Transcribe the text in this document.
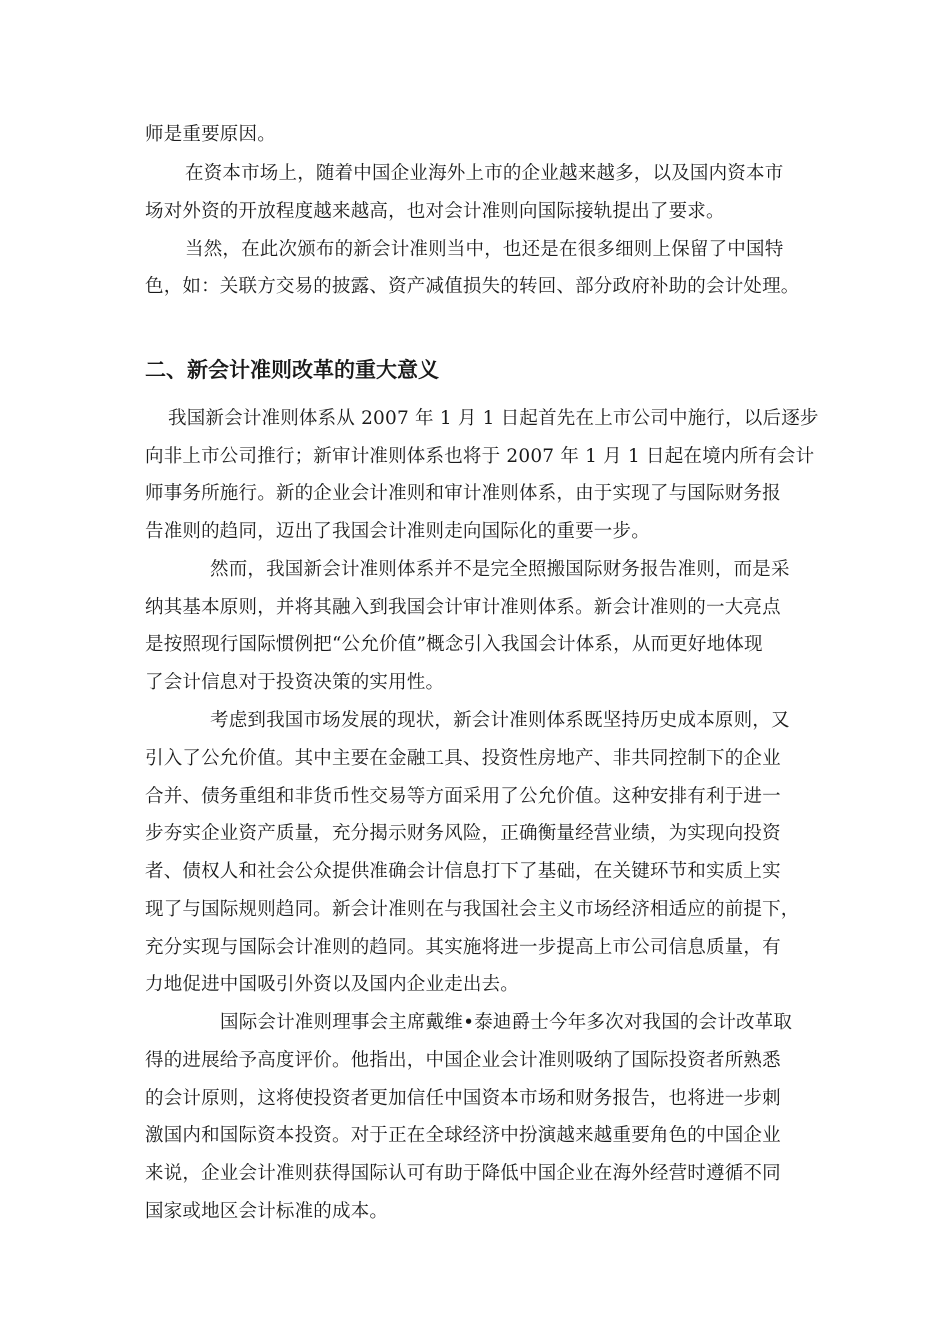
师是重要原因。
在资本市场上，随着中国企业海外上市的企业越来越多，以及国内资本市
场对外资的开放程度越来越高，也对会计准则向国际接轨提出了要求。
当然，在此次颁布的新会计准则当中，也还是在很多细则上保留了中国特
色，如：关联方交易的披露、资产减值损失的转回、部分政府补助的会计处理。
二、新会计准则改革的重大意义
我国新会计准则体系从 2007 年 1 月 1 日起首先在上市公司中施行，以后逐步
向非上市公司推行；新审计准则体系也将于 2007 年 1 月 1 日起在境内所有会计
师事务所施行。新的企业会计准则和审计准则体系，由于实现了与国际财务报
告准则的趋同，迈出了我国会计准则走向国际化的重要一步。
然而，我国新会计准则体系并不是完全照搬国际财务报告准则，而是采
纳其基本原则，并将其融入到我国会计审计准则体系。新会计准则的一大亮点
是按照现行国际惯例把“公允价值”概念引入我国会计体系，从而更好地体现
了会计信息对于投资决策的实用性。
考虑到我国市场发展的现状，新会计准则体系既坚持历史成本原则，又
引入了公允价值。其中主要在金融工具、投资性房地产、非共同控制下的企业
合并、债务重组和非货币性交易等方面采用了公允价值。这种安排有利于进一
步夯实企业资产质量，充分揭示财务风险，正确衡量经营业绩，为实现向投资
者、债权人和社会公众提供准确会计信息打下了基础，在关键环节和实质上实
现了与国际规则趋同。新会计准则在与我国社会主义市场经济相适应的前提下，
充分实现与国际会计准则的趋同。其实施将进一步提高上市公司信息质量，有
力地促进中国吸引外资以及国内企业走出去。
国际会计准则理事会主席戴维•泰迪爵士今年多次对我国的会计改革取
得的进展给予高度评价。他指出，中国企业会计准则吸纳了国际投资者所熟悉
的会计原则，这将使投资者更加信任中国资本市场和财务报告，也将进一步刺
激国内和国际资本投资。对于正在全球经济中扮演越来越重要角色的中国企业
来说，企业会计准则获得国际认可有助于降低中国企业在海外经营时遵循不同
国家或地区会计标准的成本。
